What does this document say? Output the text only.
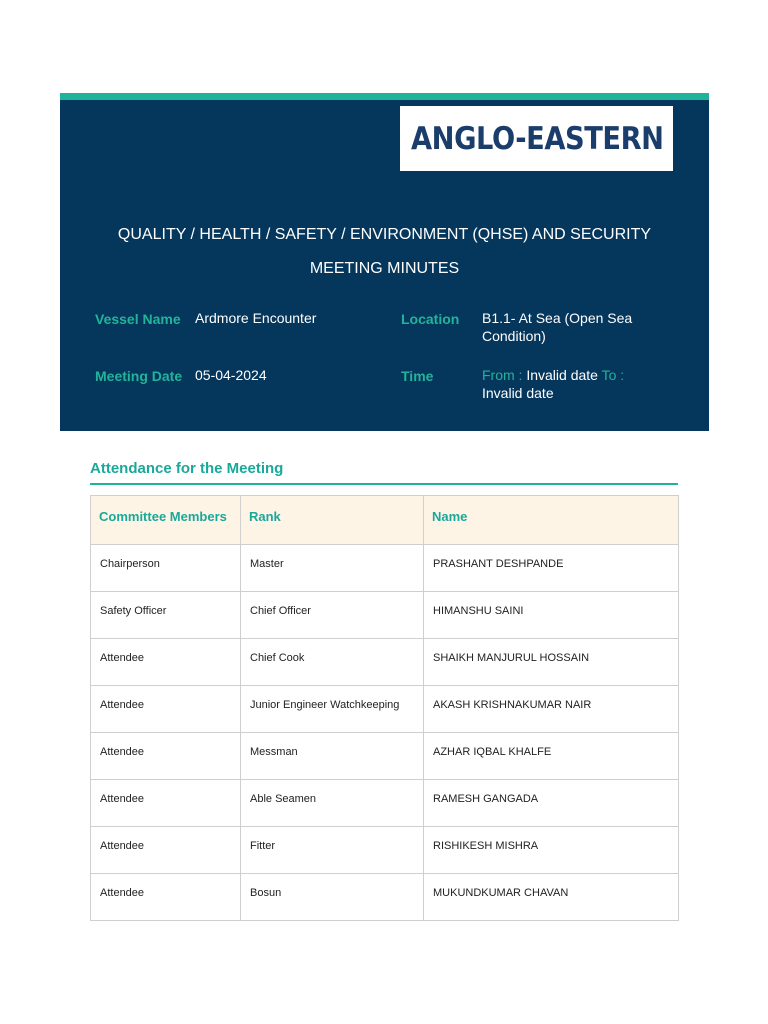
ANGLO-EASTERN
QUALITY / HEALTH / SAFETY / ENVIRONMENT (QHSE) AND SECURITY
MEETING MINUTES
Vessel Name Ardmore Encounter	Location B1.1- At Sea (Open Sea
Condition)
Meeting Date 05-04-2024	Time	From : Invalid date To :
Invalid date
Attendance for the Meeting
Committee Members	Rank	Name
Chairperson	Master	PRASHANT DESHPANDE
Safety Officer	Chief Officer	HIMANSHU SAINI
Attendee	Chief Cook	SHAIKH MANJURUL HOSSAIN
Attendee	Junior Engineer Watchkeeping	AKASH KRISHNAKUMAR NAIR
Attendee	Messman	AZHAR IQBAL KHALFE
Attendee	Able Seamen	RAMESH GANGADA
Attendee	Fitter	RISHIKESH MISHRA
Attendee	Bosun	MUKUNDKUMAR CHAVAN
